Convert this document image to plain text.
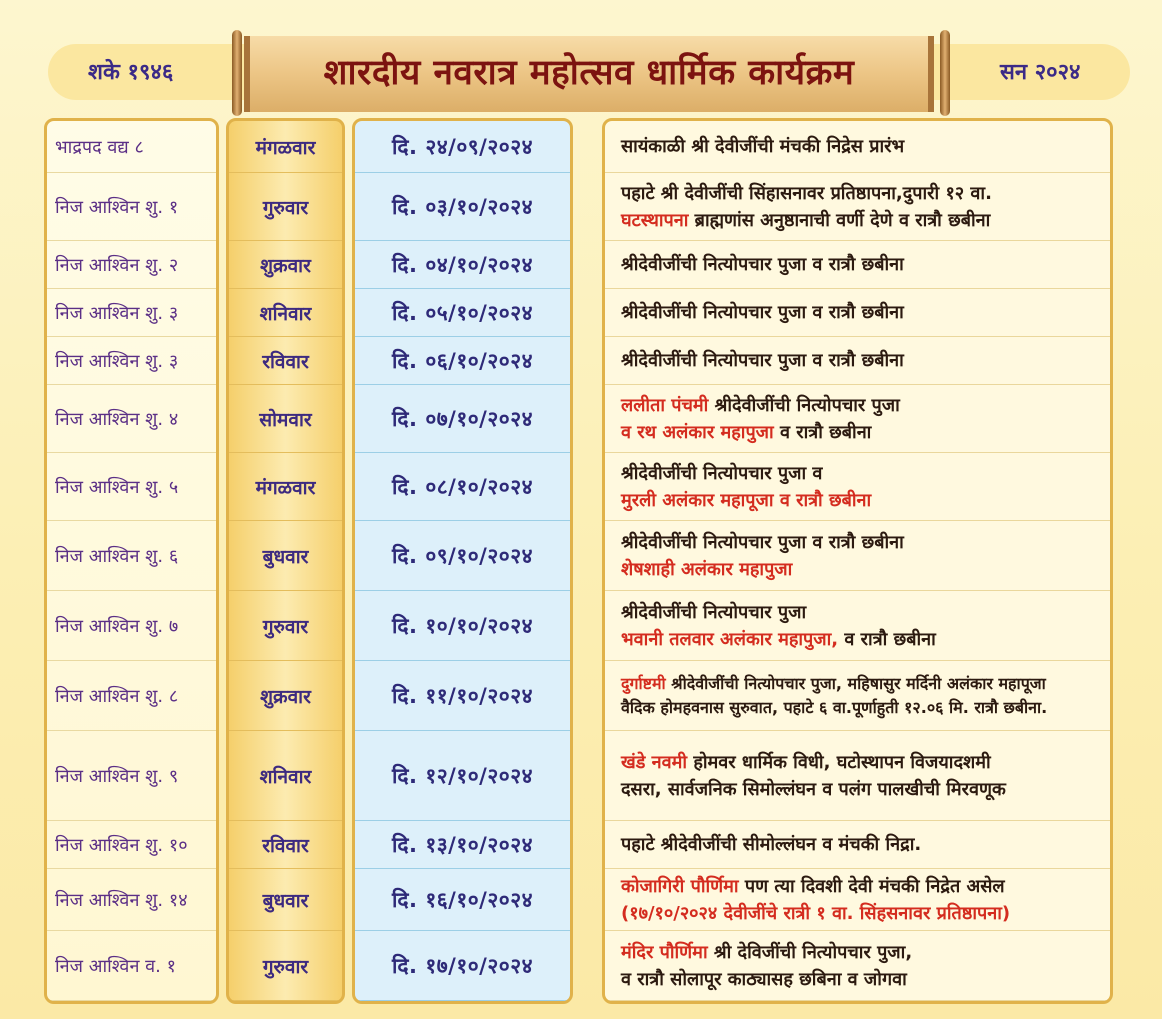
शके १९४६	सन २०२४
शारदीय नवरात्र महोत्सव धार्मिक कार्यक्रम
भाद्रपद वद्य ८
निज आश्विन शु. १
निज आश्विन शु. २
निज आश्विन शु. ३
निज आश्विन शु. ३
निज आश्विन शु. ४
निज आश्विन शु. ५
निज आश्विन शु. ६
निज आश्विन शु. ७
निज आश्विन शु. ८
निज आश्विन शु. ९
निज आश्विन शु. १०
निज आश्विन शु. १४
निज आश्विन व. १
मंगळवार
गुरुवार
शुक्रवार
शनिवार
रविवार
सोमवार
मंगळवार
बुधवार
गुरुवार
शुक्रवार
शनिवार
रविवार
बुधवार
गुरुवार
दि. २४/०९/२०२४
दि. ०३/१०/२०२४
दि. ०४/१०/२०२४
दि. ०५/१०/२०२४
दि. ०६/१०/२०२४
दि. ०७/१०/२०२४
दि. ०८/१०/२०२४
दि. ०९/१०/२०२४
दि. १०/१०/२०२४
दि. ११/१०/२०२४
दि. १२/१०/२०२४
दि. १३/१०/२०२४
दि. १६/१०/२०२४
दि. १७/१०/२०२४
सायंकाळी श्री देवीजींची मंचकी निद्रेस प्रारंभ
पहाटे श्री देवीजींची सिंहासनावर प्रतिष्ठापना,दुपारी १२ वा.
घटस्थापना ब्राह्मणांस अनुष्ठानाची वर्णी देणे व रात्रौ छबीना
श्रीदेवीजींची नित्योपचार पुजा व रात्रौ छबीना
श्रीदेवीजींची नित्योपचार पुजा व रात्रौ छबीना
श्रीदेवीजींची नित्योपचार पुजा व रात्रौ छबीना
ललीता पंचमी श्रीदेवीजींची नित्योपचार पुजा
व रथ अलंकार महापुजा व रात्रौ छबीना
श्रीदेवीजींची नित्योपचार पुजा व
मुरली अलंकार महापूजा व रात्रौ छबीना
श्रीदेवीजींची नित्योपचार पुजा व रात्रौ छबीना
शेषशाही अलंकार महापुजा
श्रीदेवीजींची नित्योपचार पुजा
भवानी तलवार अलंकार महापुजा, व रात्रौ छबीना
दुर्गाष्टमी श्रीदेवीजींची नित्योपचार पुजा, महिषासुर मर्दिनी अलंकार महापूजा
वैदिक होमहवनास सुरुवात, पहाटे ६ वा.पूर्णाहुती १२.०६ मि. रात्रौ छबीना.
खंडे नवमी होमवर धार्मिक विधी, घटोस्थापन विजयादशमी
दसरा, सार्वजनिक सिमोल्लंघन व पलंग पालखीची मिरवणूक
पहाटे श्रीदेवीजींची सीमोल्लंघन व मंचकी निद्रा.
कोजागिरी पौर्णिमा पण त्या दिवशी देवी मंचकी निद्रेत असेल
(१७/१०/२०२४ देवीजींचे रात्री १ वा. सिंहसनावर प्रतिष्ठापना)
मंदिर पौर्णिमा श्री देविजींची नित्योपचार पुजा,
व रात्रौ सोलापूर काठ्यासह छबिना व जोगवा
